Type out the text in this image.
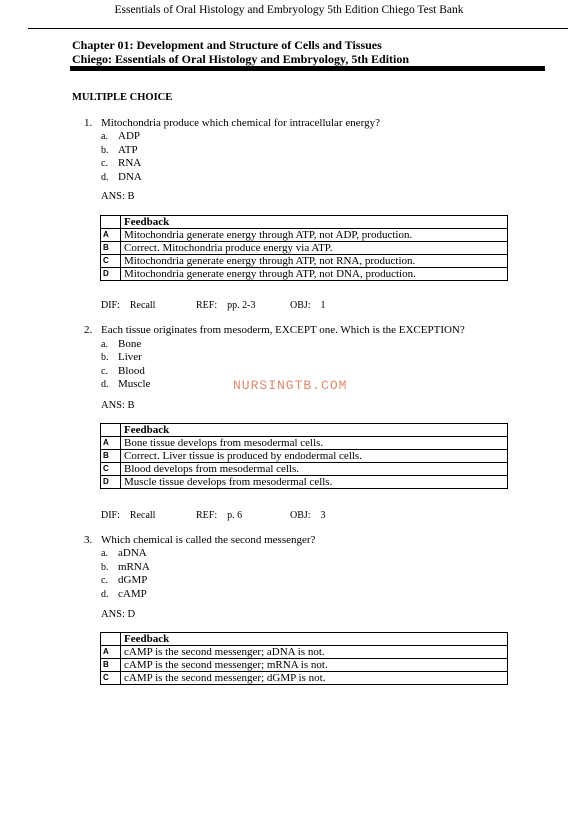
Essentials of Oral Histology and Embryology 5th Edition Chiego Test Bank
Chapter 01: Development and Structure of Cells and Tissues
Chiego: Essentials of Oral Histology and Embryology, 5th Edition
MULTIPLE CHOICE
1. Mitochondria produce which chemical for intracellular energy?
a. ADP
b. ATP
c. RNA
d. DNA
ANS: B
	Feedback
A	Mitochondria generate energy through ATP, not ADP, production.
B	Correct. Mitochondria produce energy via ATP.
C	Mitochondria generate energy through ATP, not RNA, production.
D	Mitochondria generate energy through ATP, not DNA, production.
DIF:    Recall	REF:    pp. 2-3	OBJ:    1
2. Each tissue originates from mesoderm, EXCEPT one. Which is the EXCEPTION?
a. Bone
b. Liver
c. Blood
d. Muscle
ANS: B
	Feedback
A	Bone tissue develops from mesodermal cells.
B	Correct. Liver tissue is produced by endodermal cells.
C	Blood develops from mesodermal cells.
D	Muscle tissue develops from mesodermal cells.
DIF:    Recall	REF:    p. 6	OBJ:    3
3. Which chemical is called the second messenger?
a. aDNA
b. mRNA
c. dGMP
d. cAMP
ANS: D
	Feedback
A	cAMP is the second messenger; aDNA is not.
B	cAMP is the second messenger; mRNA is not.
C	cAMP is the second messenger; dGMP is not.
NURSINGTB.COM
